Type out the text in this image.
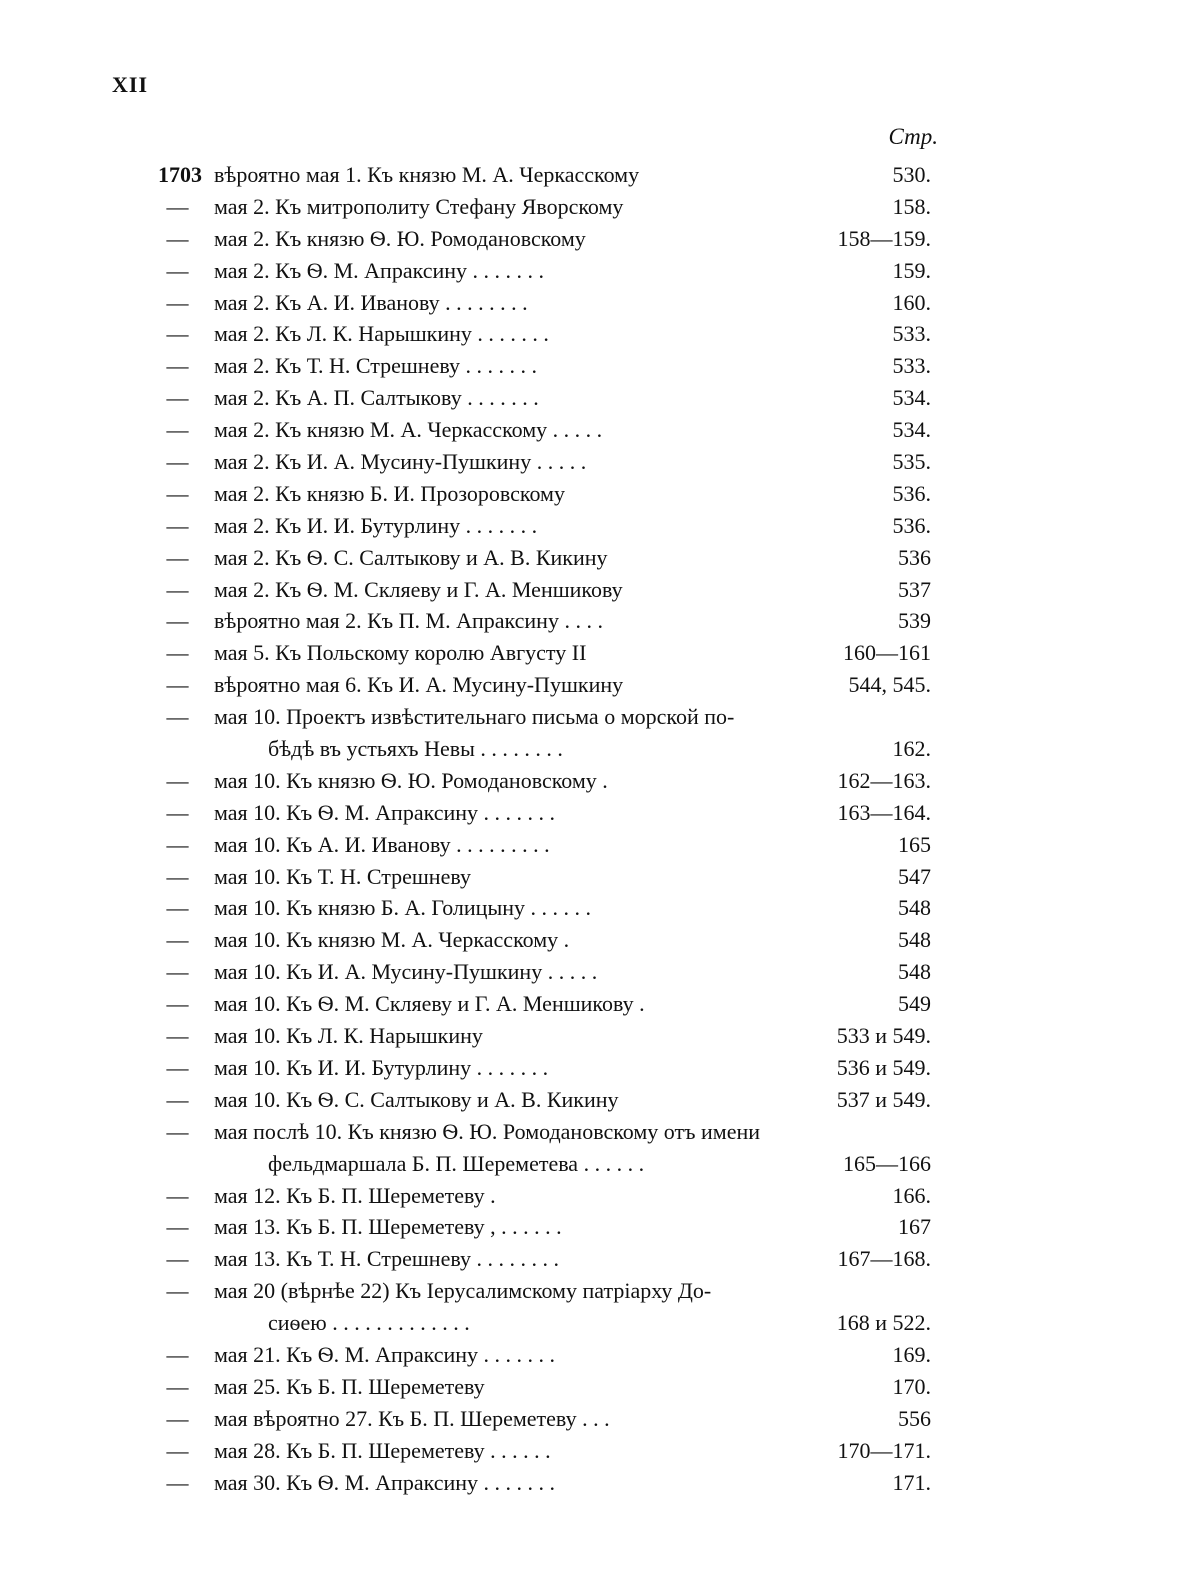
XII
Стр.
1703 вѣроятно мая 1. Къ князю М. А. Черкасскому	530.
— мая 2. Къ митрополиту Стефану Яворскому	158.
— мая 2. Къ князю Ѳ. Ю. Ромодановскому	158—159.
— мая 2. Къ Ѳ. М. Апраксину . . . . . . .	159.
— мая 2. Къ А. И. Иванову . . . . . . . .	160.
— мая 2. Къ Л. К. Нарышкину . . . . . . .	533.
— мая 2. Къ Т. Н. Стрешневу . . . . . . .	533.
— мая 2. Къ А. П. Салтыкову . . . . . . .	534.
— мая 2. Къ князю М. А. Черкасскому . . . . .	534.
— мая 2. Къ И. А. Мусину-Пушкину . . . . .	535.
— мая 2. Къ князю Б. И. Прозоровскому	536.
— мая 2. Къ И. И. Бутурлину . . . . . . .	536.
— мая 2. Къ Ѳ. С. Салтыкову и А. В. Кикину	536
— мая 2. Къ Ѳ. М. Скляеву и Г. А. Меншикову	537
— вѣроятно мая 2. Къ П. М. Апраксину . . . .	539
— мая 5. Къ Польскому королю Августу II	160—161
— вѣроятно мая 6. Къ И. А. Мусину-Пушкину	544, 545.
— мая 10. Проектъ извѣстительнаго письма о морской по-
бѣдѣ въ устьяхъ Невы . . . . . . . .	162.
— мая 10. Къ князю Ѳ. Ю. Ромодановскому .	162—163.
— мая 10. Къ Ѳ. М. Апраксину . . . . . . .	163—164.
— мая 10. Къ А. И. Иванову . . . . . . . . .	165
— мая 10. Къ Т. Н. Стрешневу	547
— мая 10. Къ князю Б. А. Голицыну . . . . . .	548
— мая 10. Къ князю М. А. Черкасскому .	548
— мая 10. Къ И. А. Мусину-Пушкину . . . . .	548
— мая 10. Къ Ѳ. М. Скляеву и Г. А. Меншикову .	549
— мая 10. Къ Л. К. Нарышкину	533 и 549.
— мая 10. Къ И. И. Бутурлину . . . . . . .	536 и 549.
— мая 10. Къ Ѳ. С. Салтыкову и А. В. Кикину	537 и 549.
— мая послѣ 10. Къ князю Ѳ. Ю. Ромодановскому отъ имени
фельдмаршала Б. П. Шереметева . . . . . .	165—166
— мая 12. Къ Б. П. Шереметеву .	166.
— мая 13. Къ Б. П. Шереметеву , . . . . . .	167
— мая 13. Къ Т. Н. Стрешневу . . . . . . . .	167—168.
— мая 20 (вѣрнѣе 22) Къ Іерусалимскому патріарху До-
сиѳею . . . . . . . . . . . . .	168 и 522.
— мая 21. Къ Ѳ. М. Апраксину . . . . . . .	169.
— мая 25. Къ Б. П. Шереметеву	170.
— мая вѣроятно 27. Къ Б. П. Шереметеву . . .	556
— мая 28. Къ Б. П. Шереметеву . . . . . .	170—171.
— мая 30. Къ Ѳ. М. Апраксину . . . . . . .	171.
